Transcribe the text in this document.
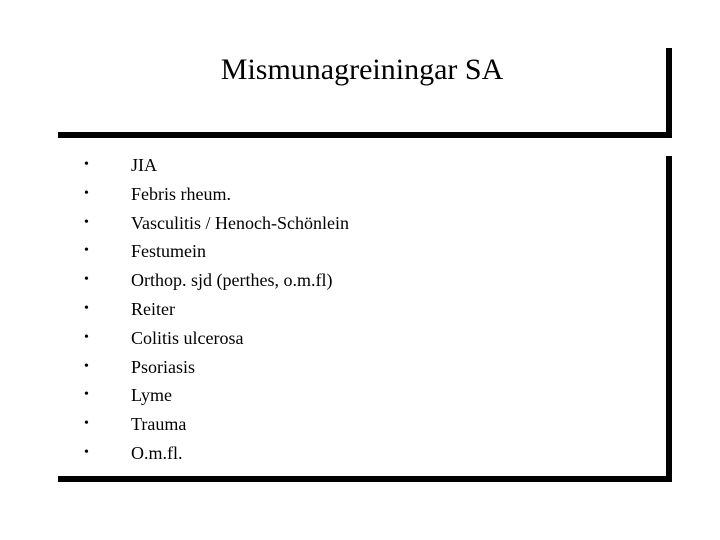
Mismunagreiningar SA
•	JIA
•	Febris rheum.
•	Vasculitis / Henoch-Schönlein
•	Festumein
•	Orthop. sjd (perthes, o.m.fl)
•	Reiter
•	Colitis ulcerosa
•	Psoriasis
•	Lyme
•	Trauma
•	O.m.fl.
